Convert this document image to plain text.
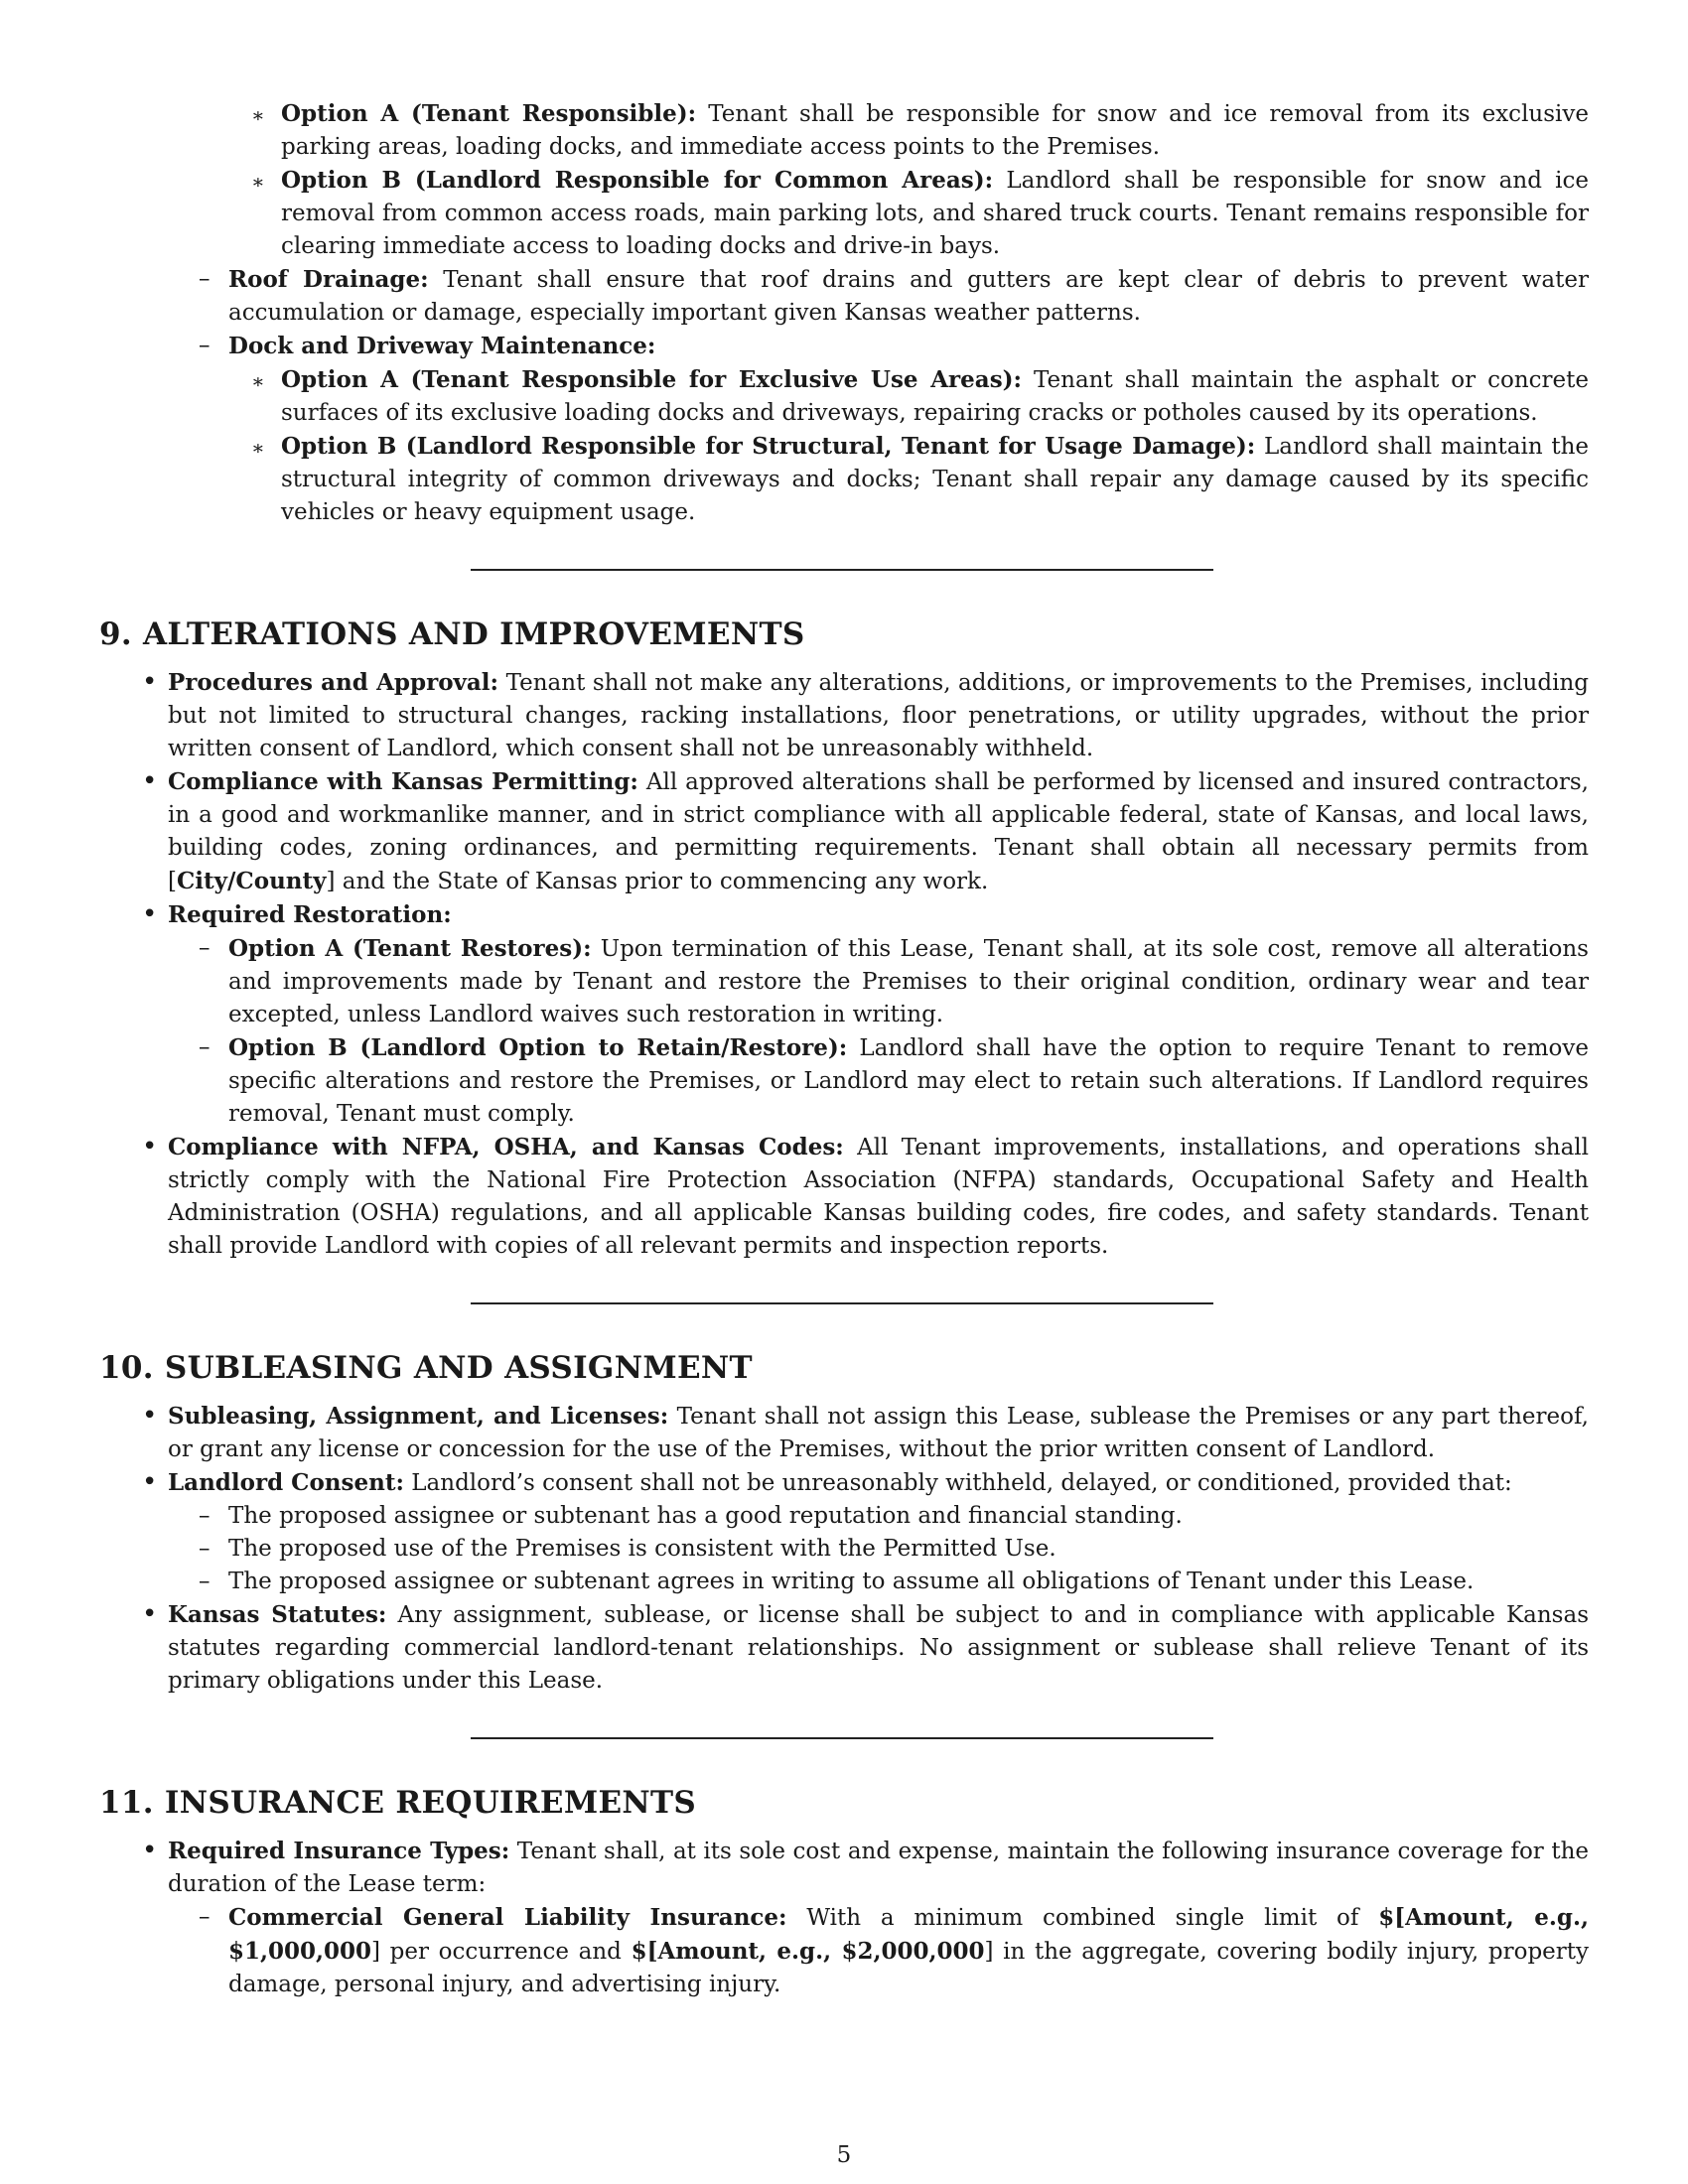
∗ Option A (Tenant Responsible): Tenant shall be responsible for snow and ice removal from its exclusive parking areas, loading docks, and immediate access points to the Premises.
∗ Option B (Landlord Responsible for Common Areas): Landlord shall be responsible for snow and ice removal from common access roads, main parking lots, and shared truck courts. Tenant remains responsible for clearing immediate access to loading docks and drive-in bays.
– Roof Drainage: Tenant shall ensure that roof drains and gutters are kept clear of debris to prevent water accumulation or damage, especially important given Kansas weather patterns.
– Dock and Driveway Maintenance:
∗ Option A (Tenant Responsible for Exclusive Use Areas): Tenant shall maintain the asphalt or concrete surfaces of its exclusive loading docks and driveways, repairing cracks or potholes caused by its operations.
∗ Option B (Landlord Responsible for Structural, Tenant for Usage Damage): Landlord shall maintain the structural integrity of common driveways and docks; Tenant shall repair any damage caused by its specific vehicles or heavy equipment usage.
9. ALTERATIONS AND IMPROVEMENTS
• Procedures and Approval: Tenant shall not make any alterations, additions, or improvements to the Premises, including but not limited to structural changes, racking installations, floor penetrations, or utility upgrades, without the prior written consent of Landlord, which consent shall not be unreasonably withheld.
• Compliance with Kansas Permitting: All approved alterations shall be performed by licensed and insured contractors, in a good and workmanlike manner, and in strict compliance with all applicable federal, state of Kansas, and local laws, building codes, zoning ordinances, and permitting requirements. Tenant shall obtain all necessary permits from [City/County] and the State of Kansas prior to commencing any work.
• Required Restoration:
– Option A (Tenant Restores): Upon termination of this Lease, Tenant shall, at its sole cost, remove all alterations and improvements made by Tenant and restore the Premises to their original condition, ordinary wear and tear excepted, unless Landlord waives such restoration in writing.
– Option B (Landlord Option to Retain/Restore): Landlord shall have the option to require Tenant to remove specific alterations and restore the Premises, or Landlord may elect to retain such alterations. If Landlord requires removal, Tenant must comply.
• Compliance with NFPA, OSHA, and Kansas Codes: All Tenant improvements, installations, and operations shall strictly comply with the National Fire Protection Association (NFPA) standards, Occupational Safety and Health Administration (OSHA) regulations, and all applicable Kansas building codes, fire codes, and safety standards. Tenant shall provide Landlord with copies of all relevant permits and inspection reports.
10. SUBLEASING AND ASSIGNMENT
• Subleasing, Assignment, and Licenses: Tenant shall not assign this Lease, sublease the Premises or any part thereof, or grant any license or concession for the use of the Premises, without the prior written consent of Landlord.
• Landlord Consent: Landlord’s consent shall not be unreasonably withheld, delayed, or conditioned, provided that:
– The proposed assignee or subtenant has a good reputation and financial standing.
– The proposed use of the Premises is consistent with the Permitted Use.
– The proposed assignee or subtenant agrees in writing to assume all obligations of Tenant under this Lease.
• Kansas Statutes: Any assignment, sublease, or license shall be subject to and in compliance with applicable Kansas statutes regarding commercial landlord-tenant relationships. No assignment or sublease shall relieve Tenant of its primary obligations under this Lease.
11. INSURANCE REQUIREMENTS
• Required Insurance Types: Tenant shall, at its sole cost and expense, maintain the following insurance coverage for the duration of the Lease term:
– Commercial General Liability Insurance: With a minimum combined single limit of $[Amount, e.g., $1,000,000] per occurrence and $[Amount, e.g., $2,000,000] in the aggregate, covering bodily injury, property damage, personal injury, and advertising injury.
5
